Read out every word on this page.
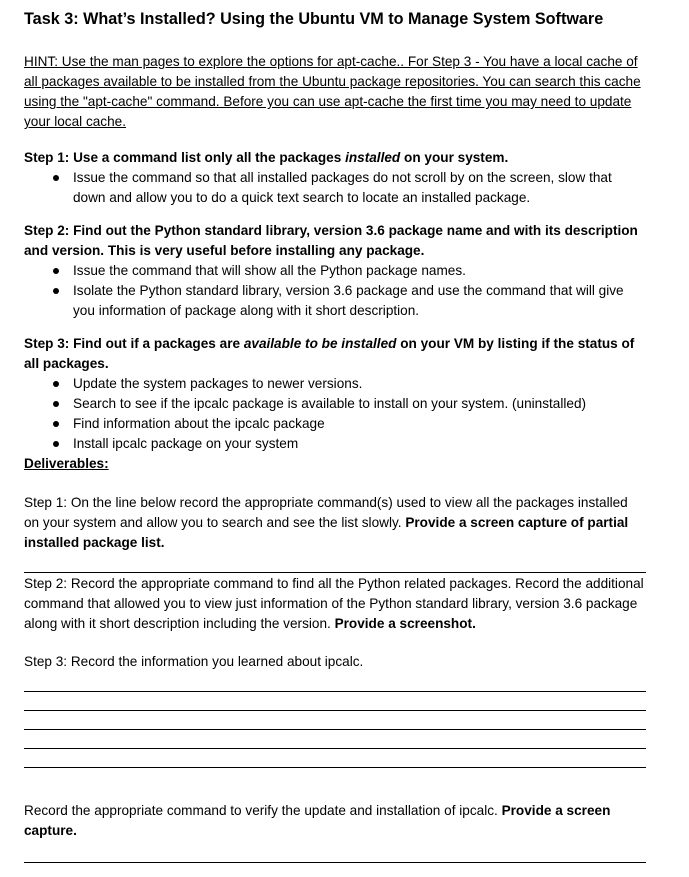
Task 3: What’s Installed? Using the Ubuntu VM to Manage System Software
HINT: Use the man pages to explore the options for apt-cache.. For Step 3 - You have a local cache of all packages available to be installed from the Ubuntu package repositories. You can search this cache using the "apt-cache" command. Before you can use apt-cache the first time you may need to update your local cache.
Step 1: Use a command list only all the packages installed on your system.
Issue the command so that all installed packages do not scroll by on the screen, slow that down and allow you to do a quick text search to locate an installed package.
Step 2: Find out the Python standard library, version 3.6 package name and with its description and version. This is very useful before installing any package.
Issue the command that will show all the Python package names.
Isolate the Python standard library, version 3.6 package and use the command that will give you information of package along with it short description.
Step 3: Find out if a packages are available to be installed on your VM by listing if the status of all packages.
Update the system packages to newer versions.
Search to see if the ipcalc package is available to install on your system. (uninstalled)
Find information about the ipcalc package
Install ipcalc package on your system
Deliverables:
Step 1: On the line below record the appropriate command(s) used to view all the packages installed on your system and allow you to search and see the list slowly. Provide a screen capture of partial installed package list.
Step 2: Record the appropriate command to find all the Python related packages. Record the additional command that allowed you to view just information of the Python standard library, version 3.6 package along with it short description including the version. Provide a screenshot.
Step 3: Record the information you learned about ipcalc.
Record the appropriate command to verify the update and installation of ipcalc. Provide a screen capture.
